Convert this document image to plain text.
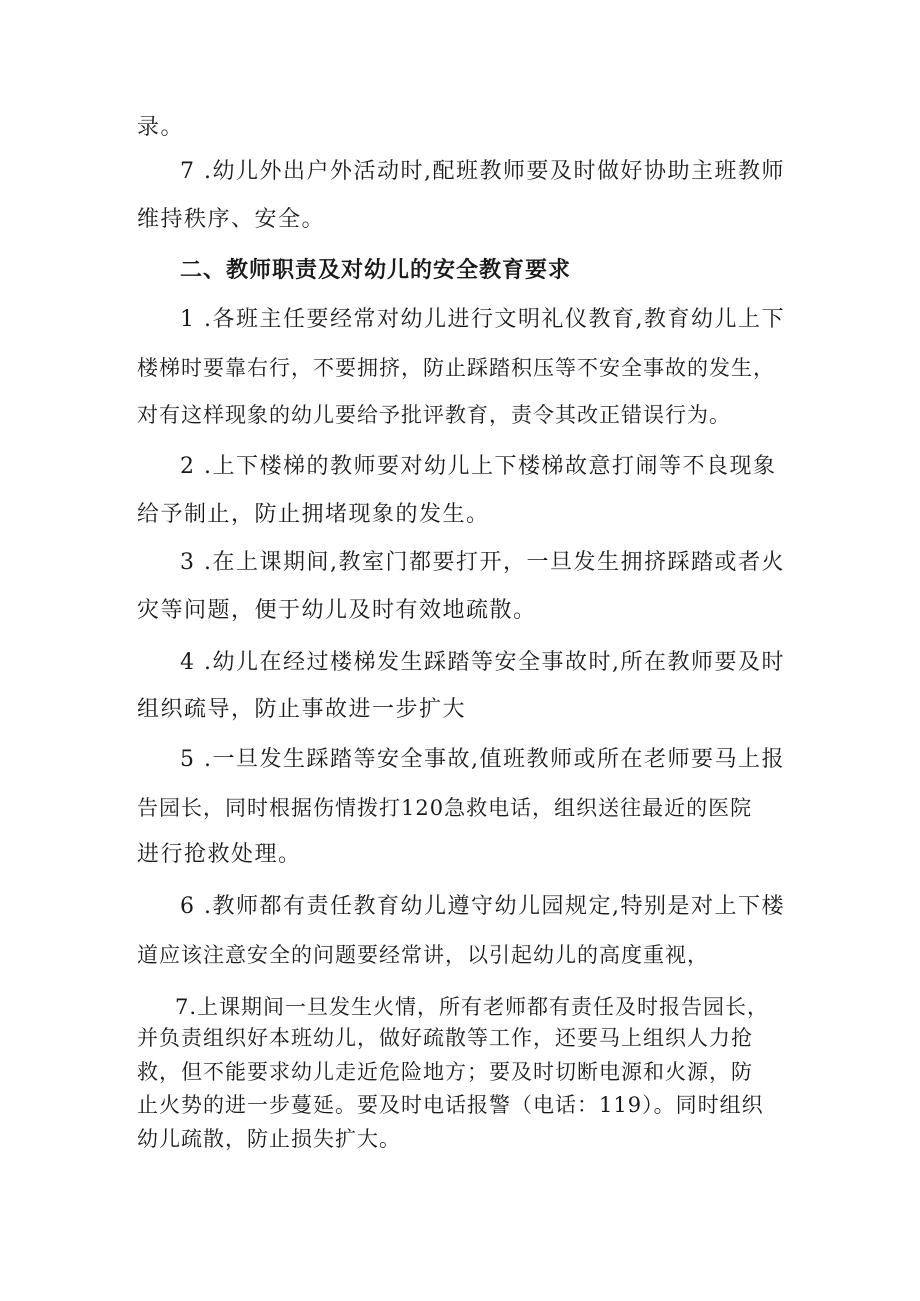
录。
7 .幼儿外出户外活动时,配班教师要及时做好协助主班教师
维持秩序、安全。
二、教师职责及对幼儿的安全教育要求
1 .各班主任要经常对幼儿进行文明礼仪教育,教育幼儿上下
楼梯时要靠右行，不要拥挤，防止踩踏积压等不安全事故的发生，
对有这样现象的幼儿要给予批评教育，责令其改正错误行为。
2 .上下楼梯的教师要对幼儿上下楼梯故意打闹等不良现象
给予制止，防止拥堵现象的发生。
3 .在上课期间,教室门都要打开，一旦发生拥挤踩踏或者火
灾等问题，便于幼儿及时有效地疏散。
4 .幼儿在经过楼梯发生踩踏等安全事故时,所在教师要及时
组织疏导，防止事故进一步扩大
5 .一旦发生踩踏等安全事故,值班教师或所在老师要马上报
告园长，同时根据伤情拨打120急救电话，组织送往最近的医院
进行抢救处理。
6 .教师都有责任教育幼儿遵守幼儿园规定,特别是对上下楼
道应该注意安全的问题要经常讲，以引起幼儿的高度重视，
7.上课期间一旦发生火情，所有老师都有责任及时报告园长，
并负责组织好本班幼儿，做好疏散等工作，还要马上组织人力抢
救，但不能要求幼儿走近危险地方；要及时切断电源和火源，防
止火势的进一步蔓延。要及时电话报警（电话：119）。同时组织
幼儿疏散，防止损失扩大。
